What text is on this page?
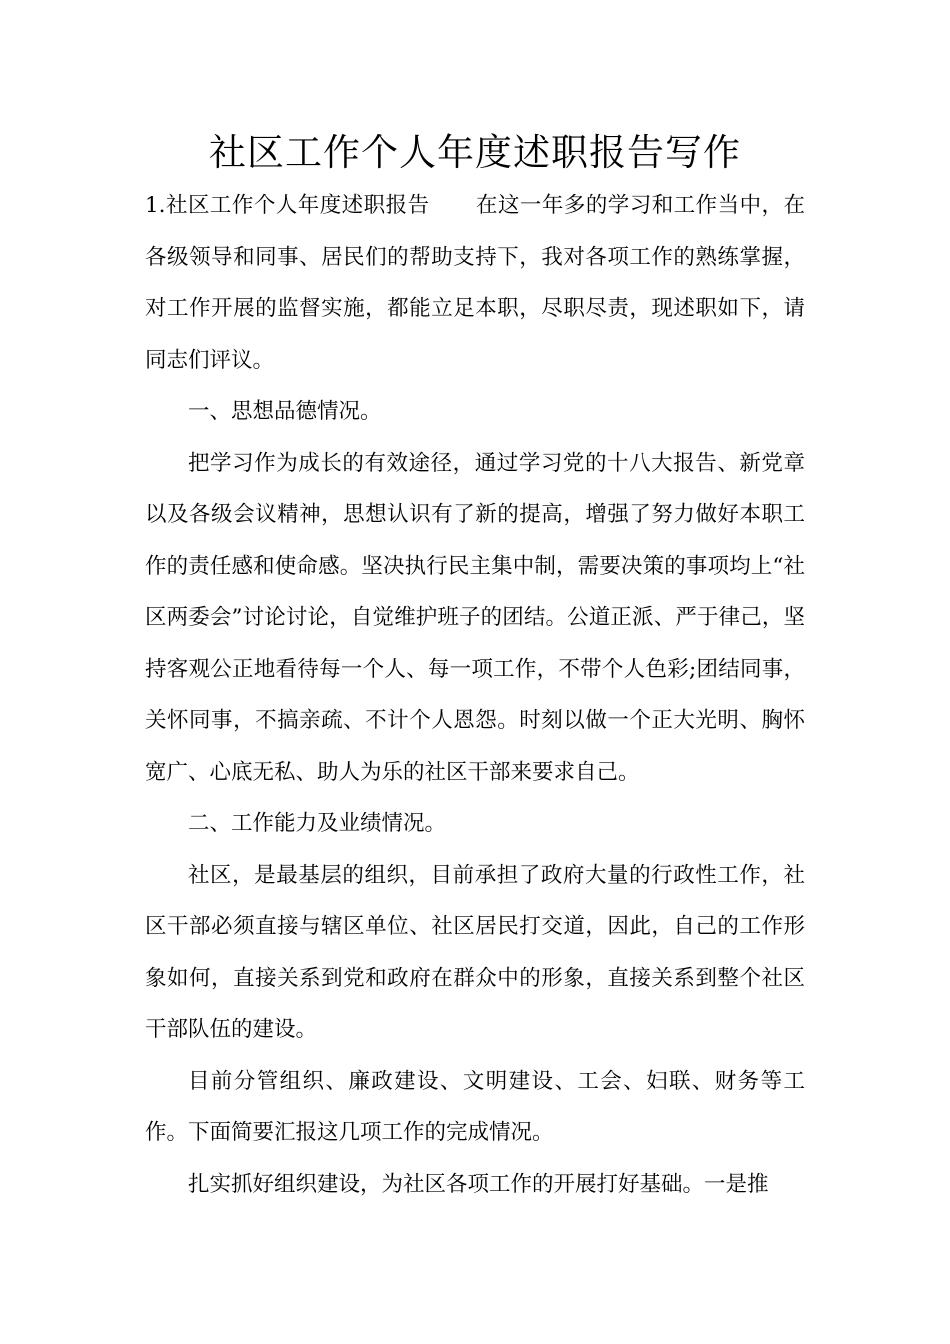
社区工作个人年度述职报告写作

1.社区工作个人年度述职报告 在这一年多的学习和工作当中，在各级领导和同事、居民们的帮助支持下，我对各项工作的熟练掌握，对工作开展的监督实施，都能立足本职，尽职尽责，现述职如下，请同志们评议。

一、思想品德情况。

把学习作为成长的有效途径，通过学习党的十八大报告、新党章以及各级会议精神，思想认识有了新的提高，增强了努力做好本职工作的责任感和使命感。坚决执行民主集中制，需要决策的事项均上“社区两委会”讨论讨论，自觉维护班子的团结。公道正派、严于律己，坚持客观公正地看待每一个人、每一项工作，不带个人色彩;团结同事，关怀同事，不搞亲疏、不计个人恩怨。时刻以做一个正大光明、胸怀宽广、心底无私、助人为乐的社区干部来要求自己。

二、工作能力及业绩情况。

社区，是最基层的组织，目前承担了政府大量的行政性工作，社区干部必须直接与辖区单位、社区居民打交道，因此，自己的工作形象如何，直接关系到党和政府在群众中的形象，直接关系到整个社区干部队伍的建设。

目前分管组织、廉政建设、文明建设、工会、妇联、财务等工作。下面简要汇报这几项工作的完成情况。

扎实抓好组织建设，为社区各项工作的开展打好基础。一是推
